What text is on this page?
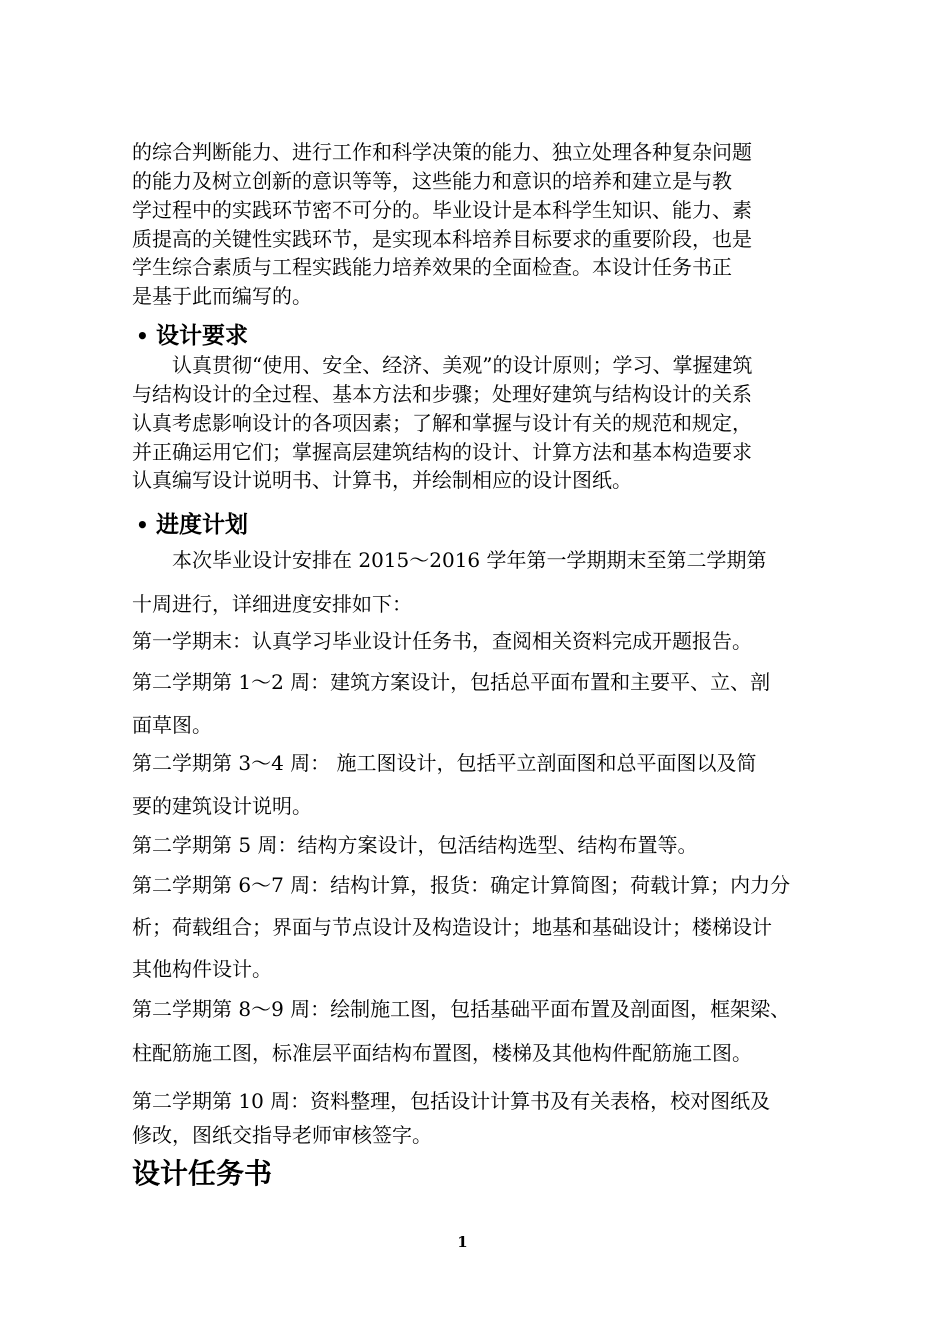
的综合判断能力、进行工作和科学决策的能力、独立处理各种复杂问题
的能力及树立创新的意识等等，这些能力和意识的培养和建立是与教
学过程中的实践环节密不可分的。毕业设计是本科学生知识、能力、素
质提高的关键性实践环节，是实现本科培养目标要求的重要阶段，也是
学生综合素质与工程实践能力培养效果的全面检查。本设计任务书正
是基于此而编写的。
• 设计要求
认真贯彻“使用、安全、经济、美观”的设计原则；学习、掌握建筑
与结构设计的全过程、基本方法和步骤；处理好建筑与结构设计的关系
认真考虑影响设计的各项因素；了解和掌握与设计有关的规范和规定，
并正确运用它们；掌握高层建筑结构的设计、计算方法和基本构造要求
认真编写设计说明书、计算书，并绘制相应的设计图纸。
• 进度计划
本次毕业设计安排在 2015～2016 学年第一学期期末至第二学期第
十周进行，详细进度安排如下：
第一学期末：认真学习毕业设计任务书，查阅相关资料完成开题报告。
第二学期第 1～2 周：建筑方案设计，包括总平面布置和主要平、立、剖
面草图。
第二学期第 3～4 周： 施工图设计，包括平立剖面图和总平面图以及简
要的建筑设计说明。
第二学期第 5 周：结构方案设计，包活结构选型、结构布置等。
第二学期第 6～7 周：结构计算，报货：确定计算简图；荷载计算；内力分
析；荷载组合；界面与节点设计及构造设计；地基和基础设计；楼梯设计
其他构件设计。
第二学期第 8～9 周：绘制施工图，包括基础平面布置及剖面图，框架梁、
柱配筋施工图，标准层平面结构布置图，楼梯及其他构件配筋施工图。
第二学期第 10 周：资料整理，包括设计计算书及有关表格，校对图纸及
修改，图纸交指导老师审核签字。
设计任务书
1
